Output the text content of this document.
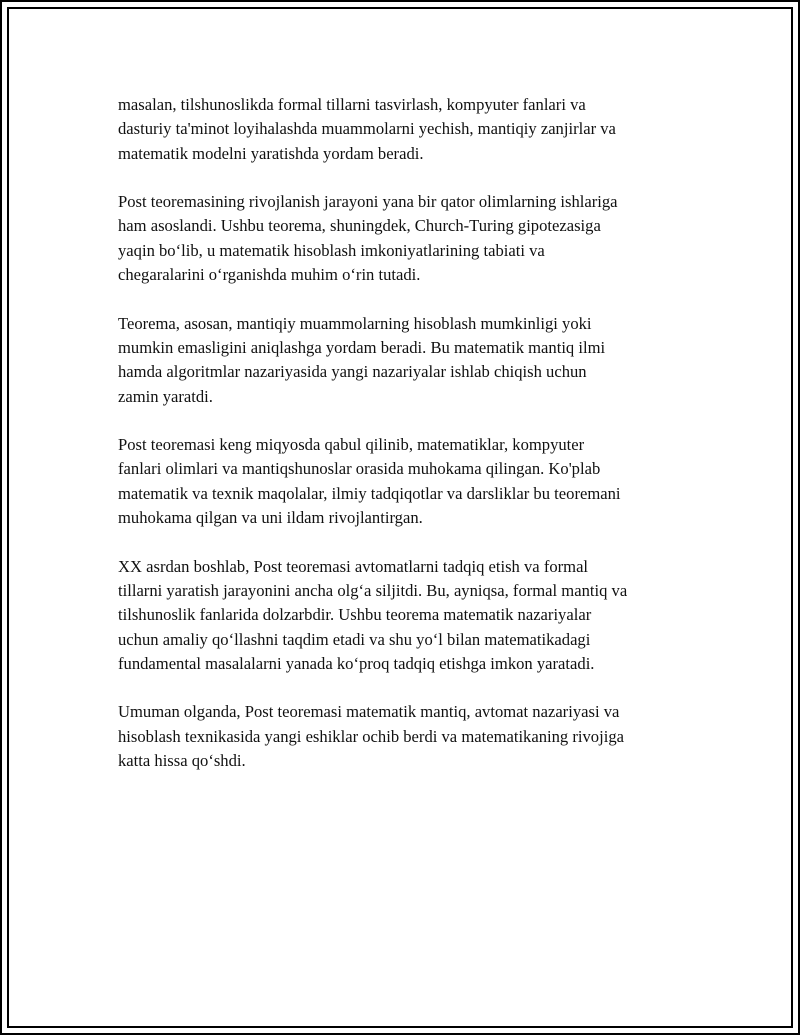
masalan, tilshunoslikda formal tillarni tasvirlash, kompyuter fanlari va
dasturiy ta'minot loyihalashda muammolarni yechish, mantiqiy zanjirlar va
matematik modelni yaratishda yordam beradi.

Post teoremasining rivojlanish jarayoni yana bir qator olimlarning ishlariga
ham asoslandi. Ushbu teorema, shuningdek, Church-Turing gipotezasiga
yaqin bo‘lib, u matematik hisoblash imkoniyatlarining tabiati va
chegaralarini o‘rganishda muhim o‘rin tutadi.

Teorema, asosan, mantiqiy muammolarning hisoblash mumkinligi yoki
mumkin emasligini aniqlashga yordam beradi. Bu matematik mantiq ilmi
hamda algoritmlar nazariyasida yangi nazariyalar ishlab chiqish uchun
zamin yaratdi.

Post teoremasi keng miqyosda qabul qilinib, matematiklar, kompyuter
fanlari olimlari va mantiqshunoslar orasida muhokama qilingan. Ko'plab
matematik va texnik maqolalar, ilmiy tadqiqotlar va darsliklar bu teoremani
muhokama qilgan va uni ildam rivojlantirgan.

XX asrdan boshlab, Post teoremasi avtomatlarni tadqiq etish va formal
tillarni yaratish jarayonini ancha olg‘a siljitdi. Bu, ayniqsa, formal mantiq va
tilshunoslik fanlarida dolzarbdir. Ushbu teorema matematik nazariyalar
uchun amaliy qo‘llashni taqdim etadi va shu yo‘l bilan matematikadagi
fundamental masalalarni yanada ko‘proq tadqiq etishga imkon yaratadi.

Umuman olganda, Post teoremasi matematik mantiq, avtomat nazariyasi va
hisoblash texnikasida yangi eshiklar ochib berdi va matematikaning rivojiga
katta hissa qo‘shdi.
